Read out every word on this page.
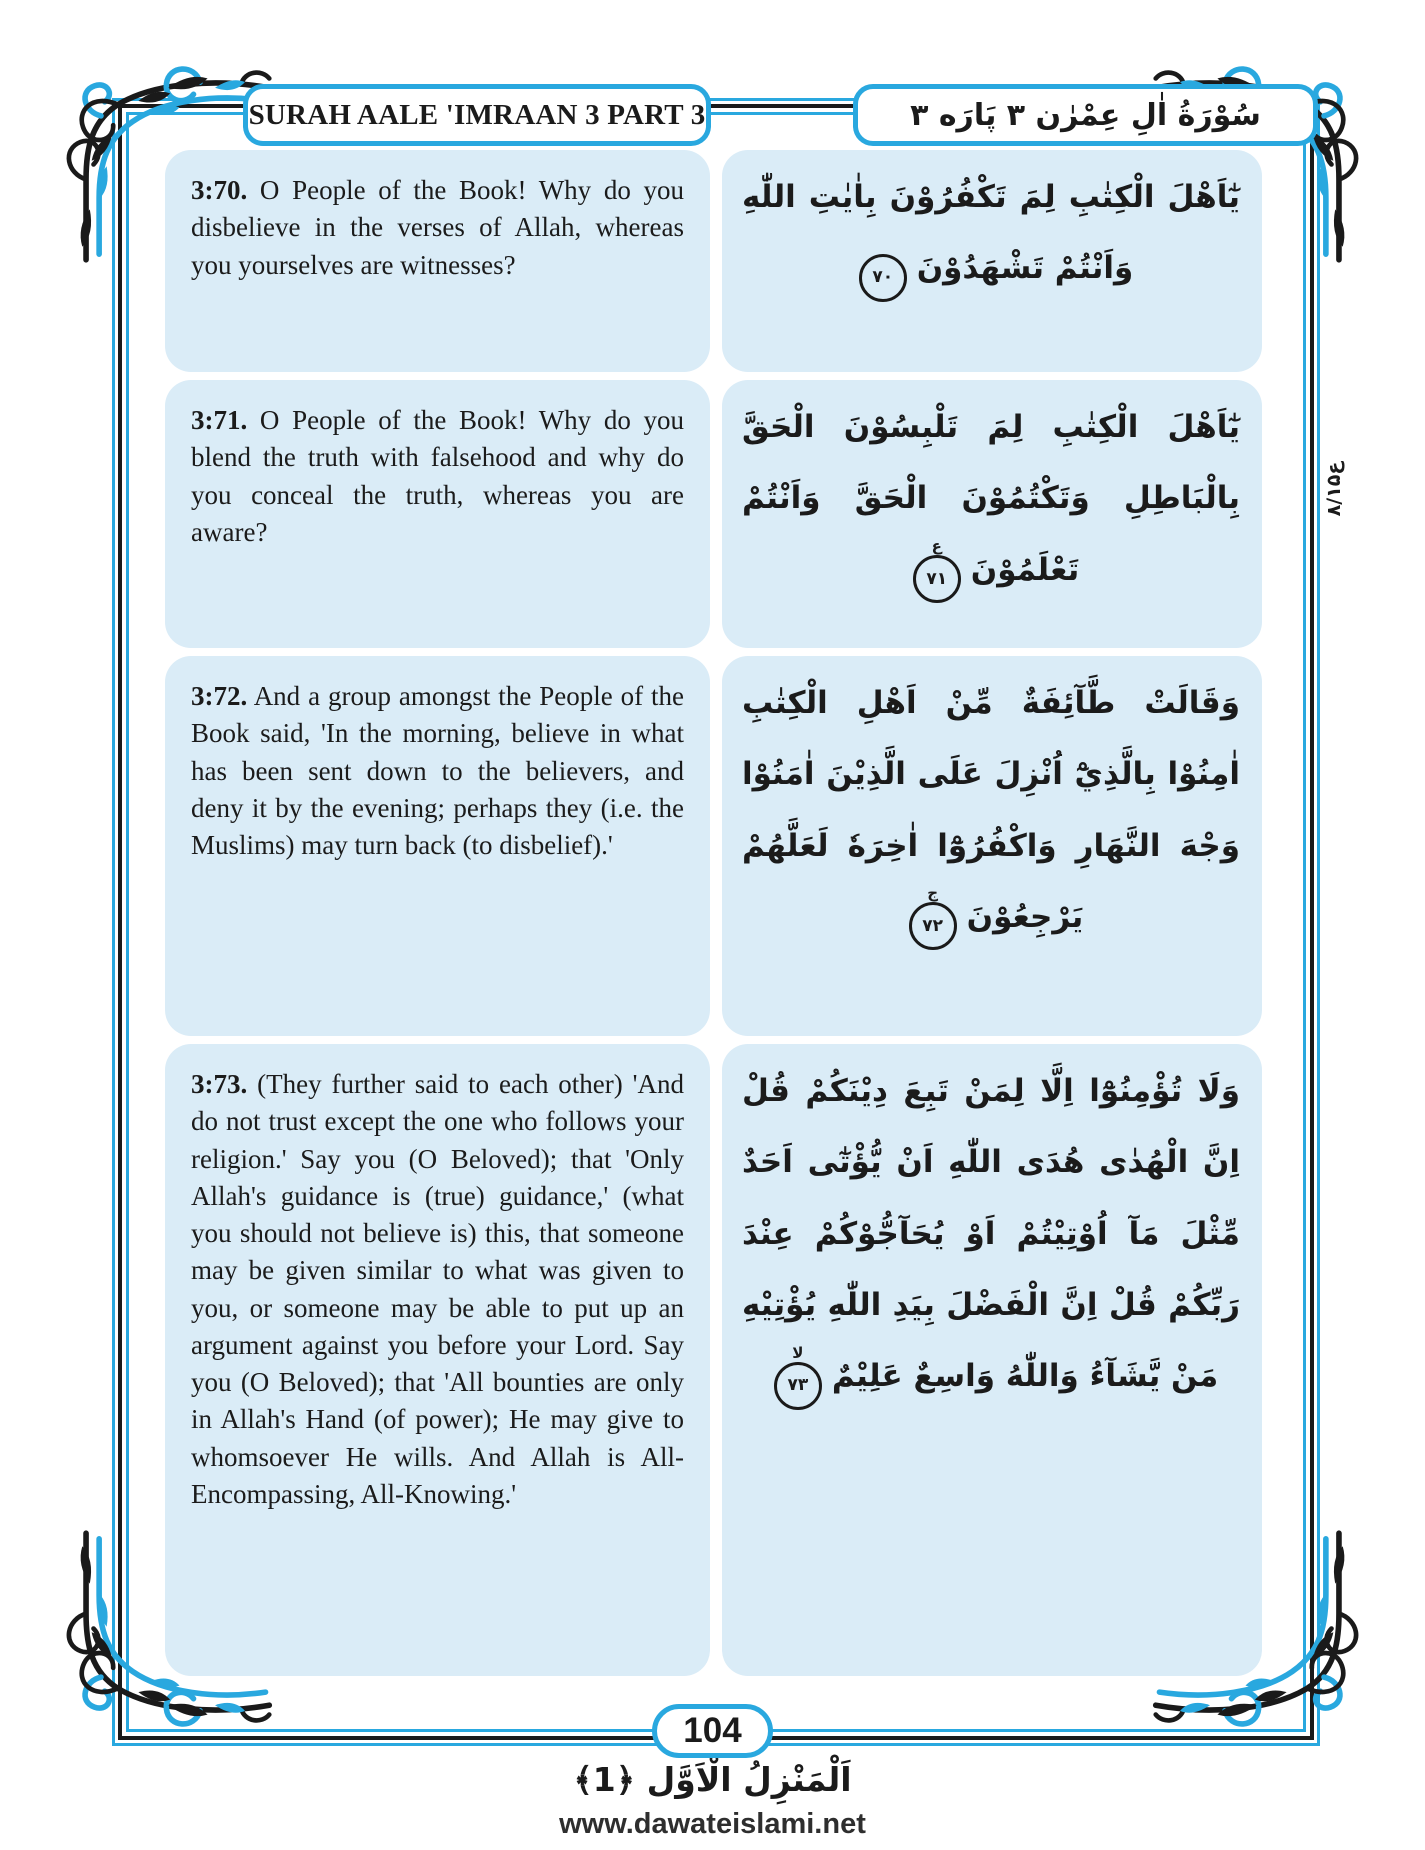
SURAH AALE 'IMRAAN 3 PART 3	سُوْرَةُ اٰلِ عِمْرٰن ۳ پَارَه ۳
ع۸/۱۵

3:70. O People of the Book! Why do you disbelieve in the verses of Allah, whereas you yourselves are witnesses?

يٰٓاَهْلَ الْكِتٰبِ لِمَ تَكْفُرُوْنَ بِاٰيٰتِ اللّٰهِ وَاَنْتُمْ تَشْهَدُوْنَ
۷۰

3:71. O People of the Book! Why do you blend the truth with falsehood and why do you conceal the truth, whereas you are aware?

يٰٓاَهْلَ الْكِتٰبِ لِمَ تَلْبِسُوْنَ الْحَقَّ بِالْبَاطِلِ وَتَكْتُمُوْنَ الْحَقَّ وَاَنْتُمْ تَعْلَمُوْنَ
ع
۷۱

3:72. And a group amongst the People of the Book said, 'In the morning, believe in what has been sent down to the believers, and deny it by the evening; perhaps they (i.e. the Muslims) may turn back (to disbelief).'

وَقَالَتْ طَّآئِفَةٌ مِّنْ اَهْلِ الْكِتٰبِ اٰمِنُوْا بِالَّذِيْٓ اُنْزِلَ عَلَى الَّذِيْنَ اٰمَنُوْا وَجْهَ النَّهَارِ وَاكْفُرُوْٓا اٰخِرَهٗ لَعَلَّهُمْ يَرْجِعُوْنَ
ج
۷۲

3:73. (They further said to each other) 'And do not trust except the one who follows your religion.' Say you (O Beloved); that 'Only Allah's guidance is (true) guidance,' (what you should not believe is) this, that someone may be given similar to what was given to you, or someone may be able to put up an argument against you before your Lord. Say you (O Beloved); that 'All bounties are only in Allah's Hand (of power); He may give to whomsoever He wills. And Allah is All-Encompassing, All-Knowing.'

وَلَا تُؤْمِنُوْٓا اِلَّا لِمَنْ تَبِعَ دِيْنَكُمْ قُلْ اِنَّ الْهُدٰى هُدَى اللّٰهِ اَنْ يُّؤْتٰٓى اَحَدٌ مِّثْلَ مَآ اُوْتِيْتُمْ اَوْ يُحَآجُّوْكُمْ عِنْدَ رَبِّكُمْ قُلْ اِنَّ الْفَضْلَ بِيَدِ اللّٰهِ يُؤْتِيْهِ مَنْ يَّشَآءُ وَاللّٰهُ وَاسِعٌ عَلِيْمٌ
لا
۷۳

104
اَلْمَنْزِلُ الْاَوَّل ﴿1﴾
www.dawateislami.net
